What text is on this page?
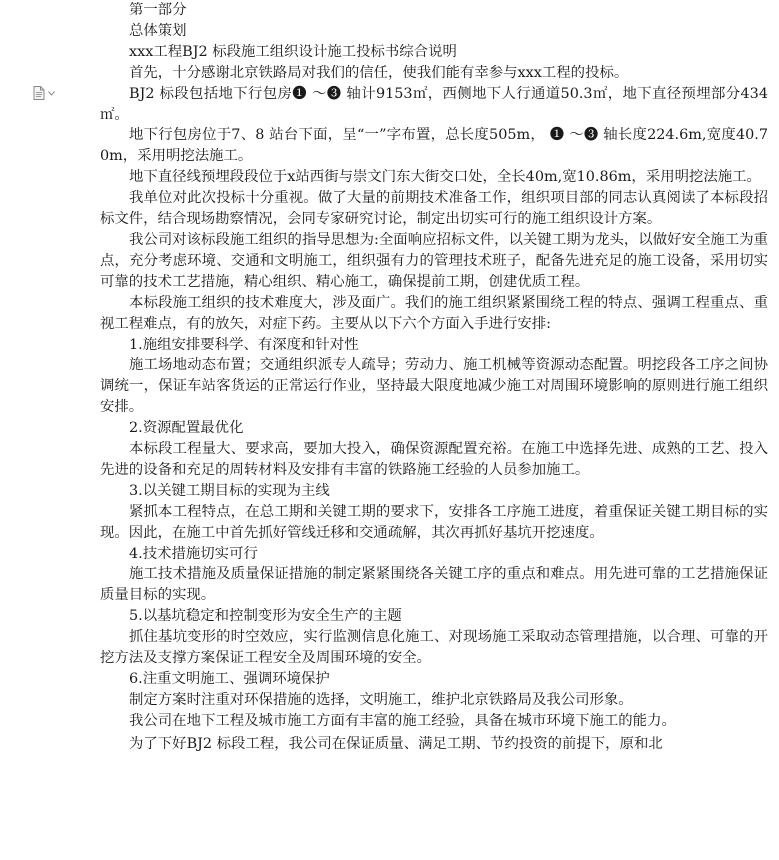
第一部分

总体策划

xxx工程BJ2 标段施工组织设计施工投标书综合说明

首先，十分感谢北京铁路局对我们的信任，使我们能有幸参与xxx工程的投标。

BJ2 标段包括地下行包房❶ ～❸ 轴计9153㎡，西侧地下人行通道50.3㎡，地下直径预埋部分434㎡。

地下行包房位于7、8 站台下面，呈“一”字布置，总长度505m， ❶ ～❸ 轴长度224.6m,宽度40.70m，采用明挖法施工。

地下直径线预埋段段位于x站西街与崇文门东大街交口处，全长40m,宽10.86m，采用明挖法施工。

我单位对此次投标十分重视。做了大量的前期技术准备工作，组织项目部的同志认真阅读了本标段招标文件，结合现场勘察情况，会同专家研究讨论，制定出切实可行的施工组织设计方案。

我公司对该标段施工组织的指导思想为:全面响应招标文件，以关键工期为龙头，以做好安全施工为重点，充分考虑环境、交通和文明施工，组织强有力的管理技术班子，配备先进充足的施工设备，采用切实可靠的技术工艺措施，精心组织、精心施工，确保提前工期，创建优质工程。

本标段施工组织的技术难度大，涉及面广。我们的施工组织紧紧围绕工程的特点、强调工程重点、重视工程难点，有的放矢，对症下药。主要从以下六个方面入手进行安排:

1.施组安排要科学、有深度和针对性

施工场地动态布置；交通组织派专人疏导；劳动力、施工机械等资源动态配置。明挖段各工序之间协调统一，保证车站客货运的正常运行作业，坚持最大限度地减少施工对周围环境影响的原则进行施工组织安排。

2.资源配置最优化

本标段工程量大、要求高，要加大投入，确保资源配置充裕。在施工中选择先进、成熟的工艺、投入先进的设备和充足的周转材料及安排有丰富的铁路施工经验的人员参加施工。

3.以关键工期目标的实现为主线

紧抓本工程特点，在总工期和关键工期的要求下，安排各工序施工进度，着重保证关键工期目标的实现。因此，在施工中首先抓好管线迁移和交通疏解，其次再抓好基坑开挖速度。

4.技术措施切实可行

施工技术措施及质量保证措施的制定紧紧围绕各关键工序的重点和难点。用先进可靠的工艺措施保证质量目标的实现。

5.以基坑稳定和控制变形为安全生产的主题

抓住基坑变形的时空效应，实行监测信息化施工、对现场施工采取动态管理措施，以合理、可靠的开挖方法及支撑方案保证工程安全及周围环境的安全。

6.注重文明施工、强调环境保护

制定方案时注重对环保措施的选择，文明施工，维护北京铁路局及我公司形象。

我公司在地下工程及城市施工方面有丰富的施工经验，具备在城市环境下施工的能力。

为了下好BJ2 标段工程，我公司在保证质量、满足工期、节约投资的前提下，原和北
